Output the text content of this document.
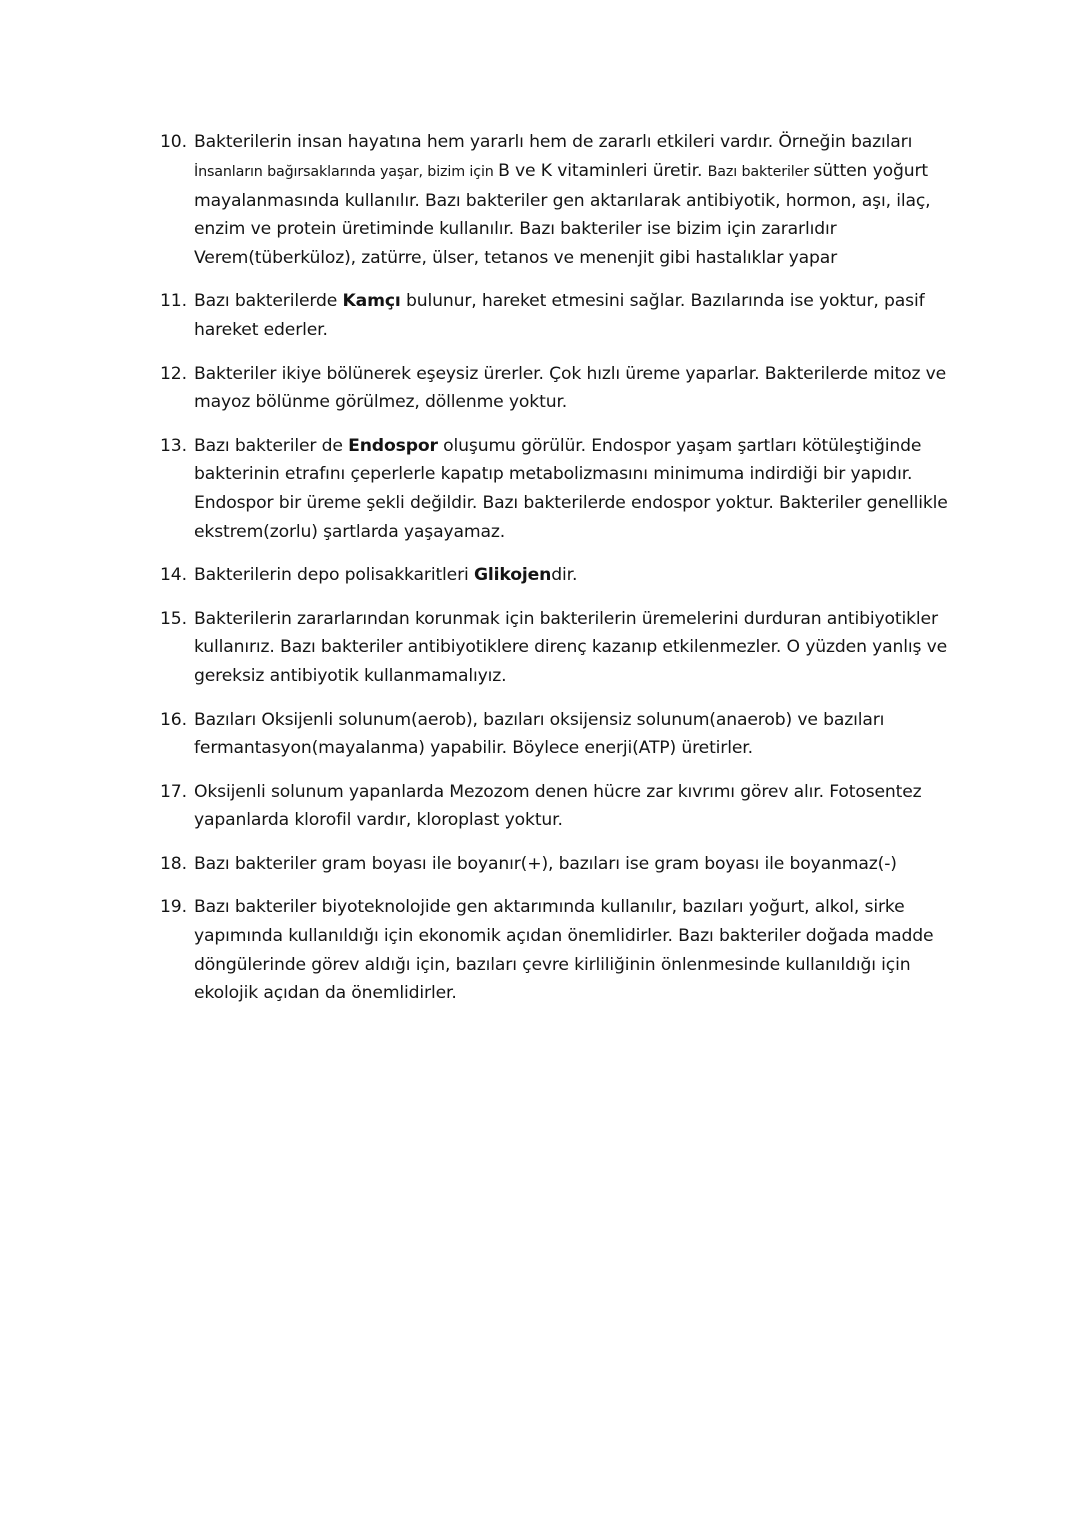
10. Bakterilerin insan hayatına hem yararlı hem de zararlı etkileri vardır. Örneğin bazıları İnsanların bağırsaklarında yaşar, bizim için B ve K vitaminleri üretir. Bazı bakteriler sütten yoğurt mayalanmasında kullanılır. Bazı bakteriler gen aktarılarak antibiyotik, hormon, aşı, ilaç, enzim ve protein üretiminde kullanılır. Bazı bakteriler ise bizim için zararlıdır Verem(tüberküloz), zatürre, ülser, tetanos ve menenjit gibi hastalıklar yapar
11. Bazı bakterilerde Kamçı bulunur, hareket etmesini sağlar. Bazılarında ise yoktur, pasif hareket ederler.
12. Bakteriler ikiye bölünerek eşeysiz ürerler. Çok hızlı üreme yaparlar. Bakterilerde mitoz ve mayoz bölünme görülmez, döllenme yoktur.
13. Bazı bakteriler de Endospor oluşumu görülür. Endospor yaşam şartları kötüleştiğinde bakterinin etrafını çeperlerle kapatıp metabolizmasını minimuma indirdiği bir yapıdır. Endospor bir üreme şekli değildir. Bazı bakterilerde endospor yoktur. Bakteriler genellikle ekstrem(zorlu) şartlarda yaşayamaz.
14. Bakterilerin depo polisakkaritleri Glikojendir.
15. Bakterilerin zararlarından korunmak için bakterilerin üremelerini durduran antibiyotikler kullanırız. Bazı bakteriler antibiyotiklere direnç kazanıp etkilenmezler. O yüzden yanlış ve gereksiz antibiyotik kullanmamalıyız.
16. Bazıları Oksijenli solunum(aerob), bazıları oksijensiz solunum(anaerob) ve bazıları fermantasyon(mayalanma) yapabilir. Böylece enerji(ATP) üretirler.
17. Oksijenli solunum yapanlarda Mezozom denen hücre zar kıvrımı görev alır. Fotosentez yapanlarda klorofil vardır, kloroplast yoktur.
18. Bazı bakteriler gram boyası ile boyanır(+), bazıları ise gram boyası ile boyanmaz(-)
19. Bazı bakteriler biyoteknolojide gen aktarımında kullanılır, bazıları yoğurt, alkol, sirke yapımında kullanıldığı için ekonomik açıdan önemlidirler. Bazı bakteriler doğada madde döngülerinde görev aldığı için, bazıları çevre kirliliğinin önlenmesinde kullanıldığı için ekolojik açıdan da önemlidirler.
